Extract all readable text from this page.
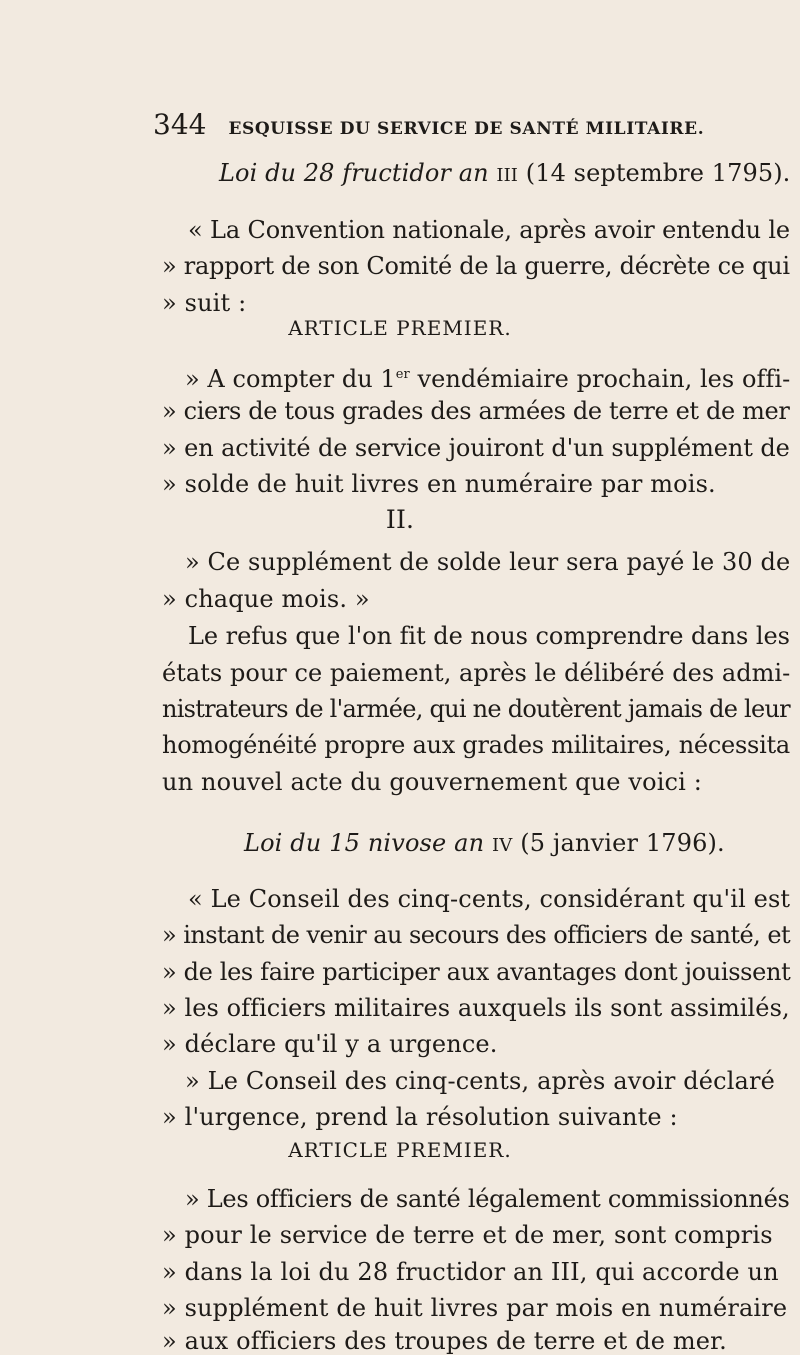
344 ESQUISSE DU SERVICE DE SANTÉ MILITAIRE.
Loi du 28 fructidor an III (14 septembre 1795).
« La Convention nationale, après avoir entendu le
» rapport de son Comité de la guerre, décrète ce qui
» suit :
ARTICLE PREMIER.
» A compter du 1er vendémiaire prochain, les offi-
» ciers de tous grades des armées de terre et de mer
» en activité de service jouiront d'un supplément de
» solde de huit livres en numéraire par mois.
II.
» Ce supplément de solde leur sera payé le 30 de
» chaque mois. »
Le refus que l'on fit de nous comprendre dans les
états pour ce paiement, après le délibéré des admi-
nistrateurs de l'armée, qui ne doutèrent jamais de leur
homogénéité propre aux grades militaires, nécessita
un nouvel acte du gouvernement que voici :
Loi du 15 nivose an IV (5 janvier 1796).
« Le Conseil des cinq-cents, considérant qu'il est
» instant de venir au secours des officiers de santé, et
» de les faire participer aux avantages dont jouissent
» les officiers militaires auxquels ils sont assimilés,
» déclare qu'il y a urgence.
» Le Conseil des cinq-cents, après avoir déclaré
» l'urgence, prend la résolution suivante :
ARTICLE PREMIER.
» Les officiers de santé légalement commissionnés
» pour le service de terre et de mer, sont compris
» dans la loi du 28 fructidor an III, qui accorde un
» supplément de huit livres par mois en numéraire
» aux officiers des troupes de terre et de mer.
